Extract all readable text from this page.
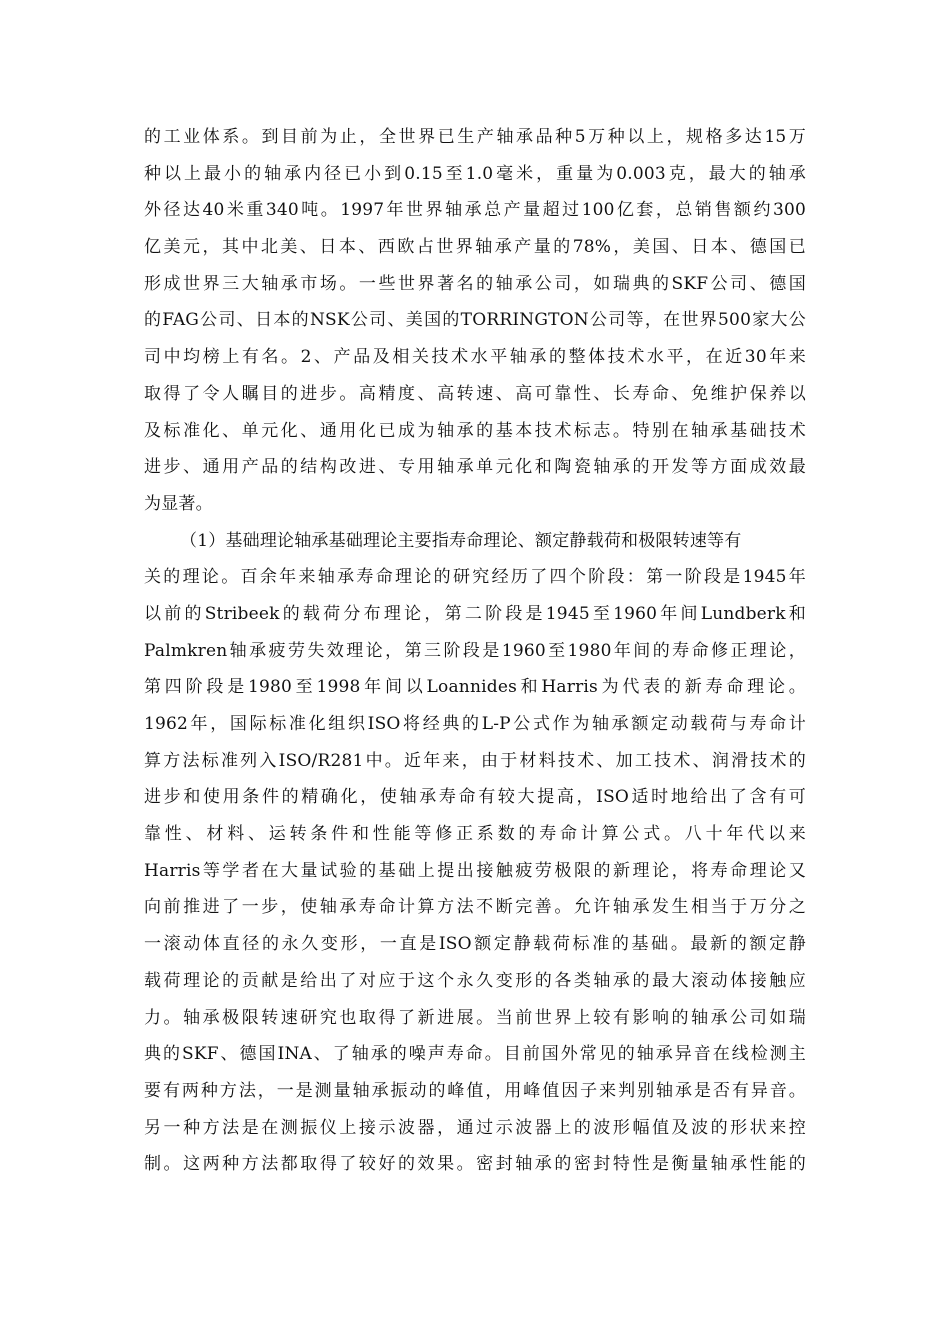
的工业体系。到目前为止，全世界已生产轴承品种5万种以上，规格多达15万
种以上最小的轴承内径已小到0.15至1.0毫米，重量为0.003克，最大的轴承
外径达40米重340吨。1997年世界轴承总产量超过100亿套，总销售额约300
亿美元，其中北美、日本、西欧占世界轴承产量的78%，美国、日本、德国已
形成世界三大轴承市场。一些世界著名的轴承公司，如瑞典的SKF公司、德国
的FAG公司、日本的NSK公司、美国的TORRINGTON公司等，在世界500家大公
司中均榜上有名。2、产品及相关技术水平轴承的整体技术水平，在近30年来
取得了令人瞩目的进步。高精度、高转速、高可靠性、长寿命、免维护保养以
及标准化、单元化、通用化已成为轴承的基本技术标志。特别在轴承基础技术
进步、通用产品的结构改进、专用轴承单元化和陶瓷轴承的开发等方面成效最
为显著。
（1）基础理论轴承基础理论主要指寿命理论、额定静载荷和极限转速等有
关的理论。百余年来轴承寿命理论的研究经历了四个阶段：第一阶段是1945年
以前的Stribeek的载荷分布理论，第二阶段是1945至1960年间Lundberk和
Palmkren轴承疲劳失效理论，第三阶段是1960至1980年间的寿命修正理论，
第四阶段是1980至1998年间以Loannides和Harris为代表的新寿命理论。
1962年，国际标准化组织ISO将经典的L-P公式作为轴承额定动载荷与寿命计
算方法标准列入ISO/R281中。近年来，由于材料技术、加工技术、润滑技术的
进步和使用条件的精确化，使轴承寿命有较大提高，ISO适时地给出了含有可
靠性、材料、运转条件和性能等修正系数的寿命计算公式。八十年代以来
Harris等学者在大量试验的基础上提出接触疲劳极限的新理论，将寿命理论又
向前推进了一步，使轴承寿命计算方法不断完善。允许轴承发生相当于万分之
一滚动体直径的永久变形，一直是ISO额定静载荷标准的基础。最新的额定静
载荷理论的贡献是给出了对应于这个永久变形的各类轴承的最大滚动体接触应
力。轴承极限转速研究也取得了新进展。当前世界上较有影响的轴承公司如瑞
典的SKF、德国INA、了轴承的噪声寿命。目前国外常见的轴承异音在线检测主
要有两种方法，一是测量轴承振动的峰值，用峰值因子来判别轴承是否有异音。
另一种方法是在测振仪上接示波器，通过示波器上的波形幅值及波的形状来控
制。这两种方法都取得了较好的效果。密封轴承的密封特性是衡量轴承性能的
